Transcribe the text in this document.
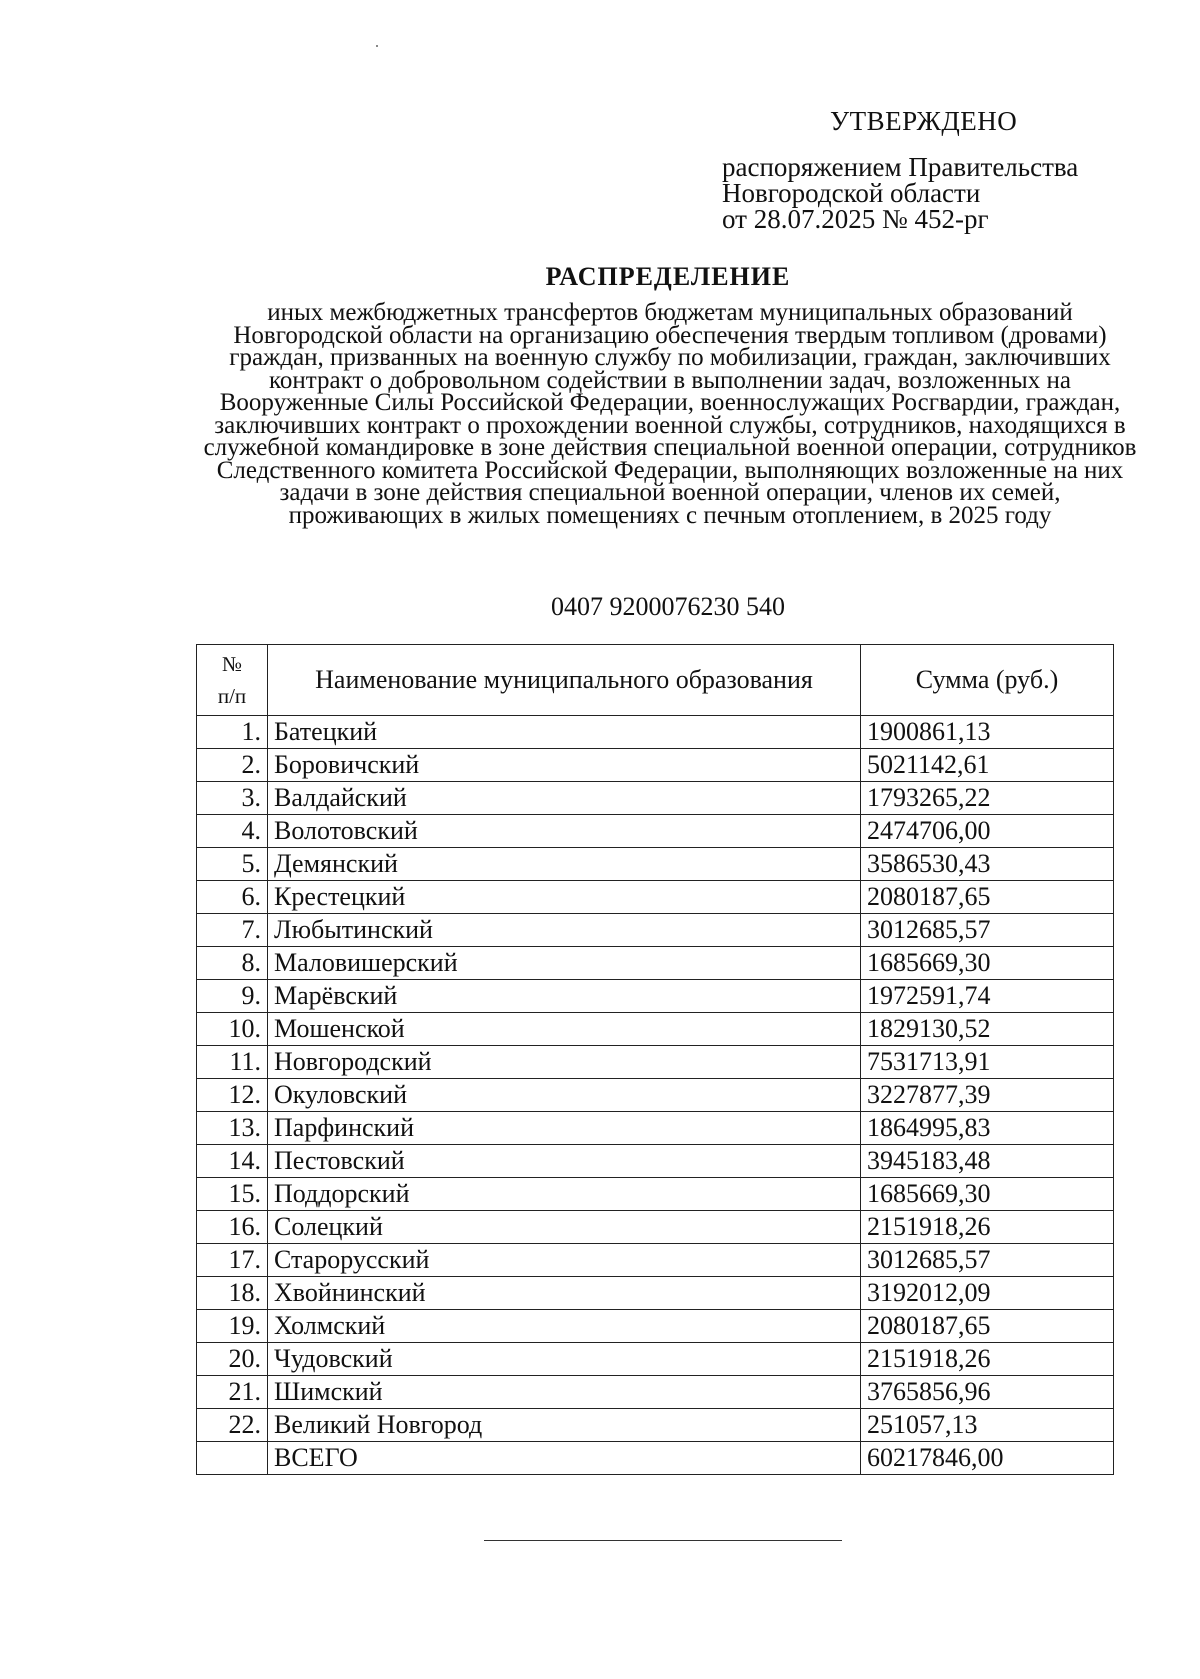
УТВЕРЖДЕНО
распоряжением Правительства
Новгородской области
от 28.07.2025 № 452-рг
РАСПРЕДЕЛЕНИЕ
иных межбюджетных трансфертов бюджетам муниципальных образований Новгородской области на организацию обеспечения твердым топливом (дровами) граждан, призванных на военную службу по мобилизации, граждан, заключивших контракт о добровольном содействии в выполнении задач, возложенных на Вооруженные Силы Российской Федерации, военнослужащих Росгвардии, граждан, заключивших контракт о прохождении военной службы, сотрудников, находящихся в служебной командировке в зоне действия специальной военной операции, сотрудников Следственного комитета Российской Федерации, выполняющих возложенные на них задачи в зоне действия специальной военной операции, членов их семей, проживающих в жилых помещениях с печным отоплением, в 2025 году
0407 9200076230 540
№
п/п	Наименование муниципального образования	Сумма (руб.)
1.	Батецкий	1900861,13
2.	Боровичский	5021142,61
3.	Валдайский	1793265,22
4.	Волотовский	2474706,00
5.	Демянский	3586530,43
6.	Крестецкий	2080187,65
7.	Любытинский	3012685,57
8.	Маловишерский	1685669,30
9.	Марёвский	1972591,74
10.	Мошенской	1829130,52
11.	Новгородский	7531713,91
12.	Окуловский	3227877,39
13.	Парфинский	1864995,83
14.	Пестовский	3945183,48
15.	Поддорский	1685669,30
16.	Солецкий	2151918,26
17.	Старорусский	3012685,57
18.	Хвойнинский	3192012,09
19.	Холмский	2080187,65
20.	Чудовский	2151918,26
21.	Шимский	3765856,96
22.	Великий Новгород	251057,13
	ВСЕГО	60217846,00
